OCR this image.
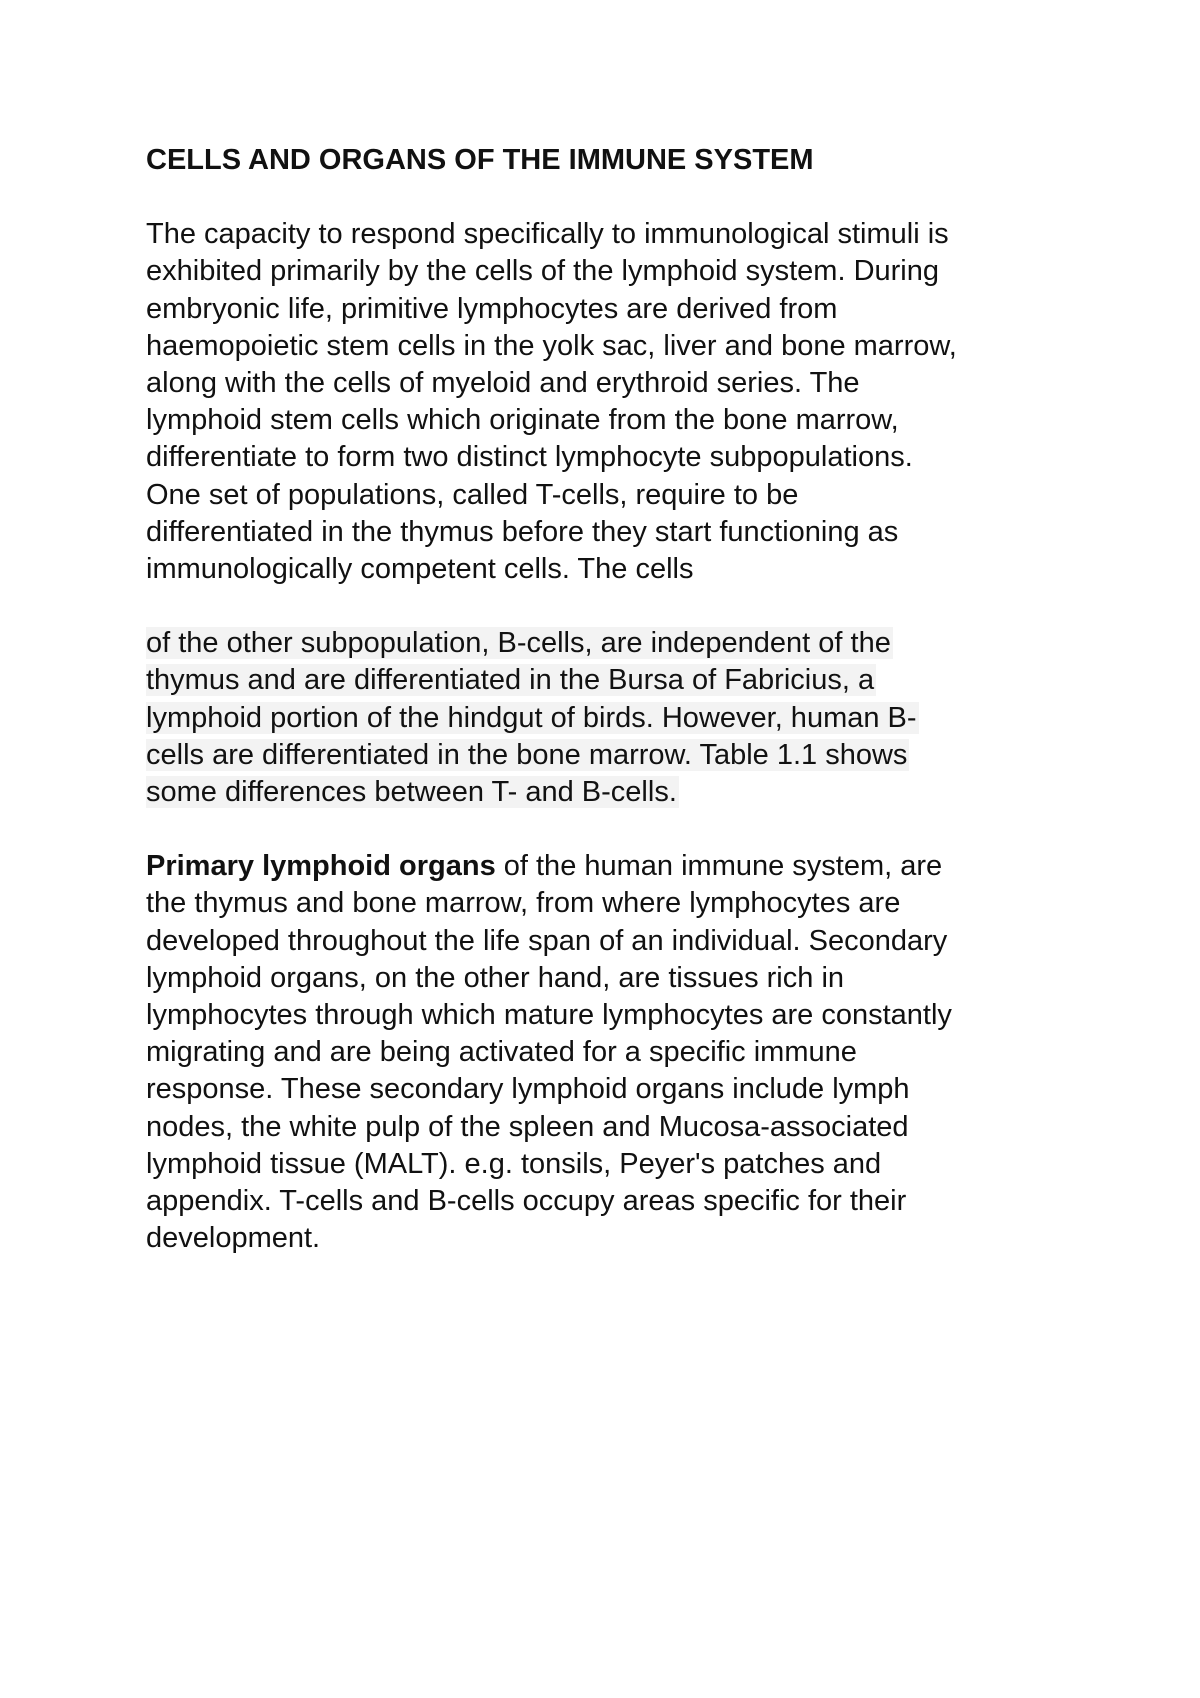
CELLS AND ORGANS OF THE IMMUNE SYSTEM
The capacity to respond specifically to immunological stimuli is
exhibited primarily by the cells of the lymphoid system. During
embryonic life, primitive lymphocytes are derived from
haemopoietic stem cells in the yolk sac, liver and bone marrow,
along with the cells of myeloid and erythroid series. The
lymphoid stem cells which originate from the bone marrow,
differentiate to form two distinct lymphocyte subpopulations.
One set of populations, called T-cells, require to be
differentiated in the thymus before they start functioning as
immunologically competent cells. The cells
of the other subpopulation, B-cells, are independent of the
thymus and are differentiated in the Bursa of Fabricius, a
lymphoid portion of the hindgut of birds. However, human B-
cells are differentiated in the bone marrow. Table 1.1 shows
some differences between T- and B-cells.
Primary lymphoid organs of the human immune system, are
the thymus and bone marrow, from where lymphocytes are
developed throughout the life span of an individual. Secondary
lymphoid organs, on the other hand, are tissues rich in
lymphocytes through which mature lymphocytes are constantly
migrating and are being activated for a specific immune
response. These secondary lymphoid organs include lymph
nodes, the white pulp of the spleen and Mucosa-associated
lymphoid tissue (MALT). e.g. tonsils, Peyer's patches and
appendix. T-cells and B-cells occupy areas specific for their
development.
